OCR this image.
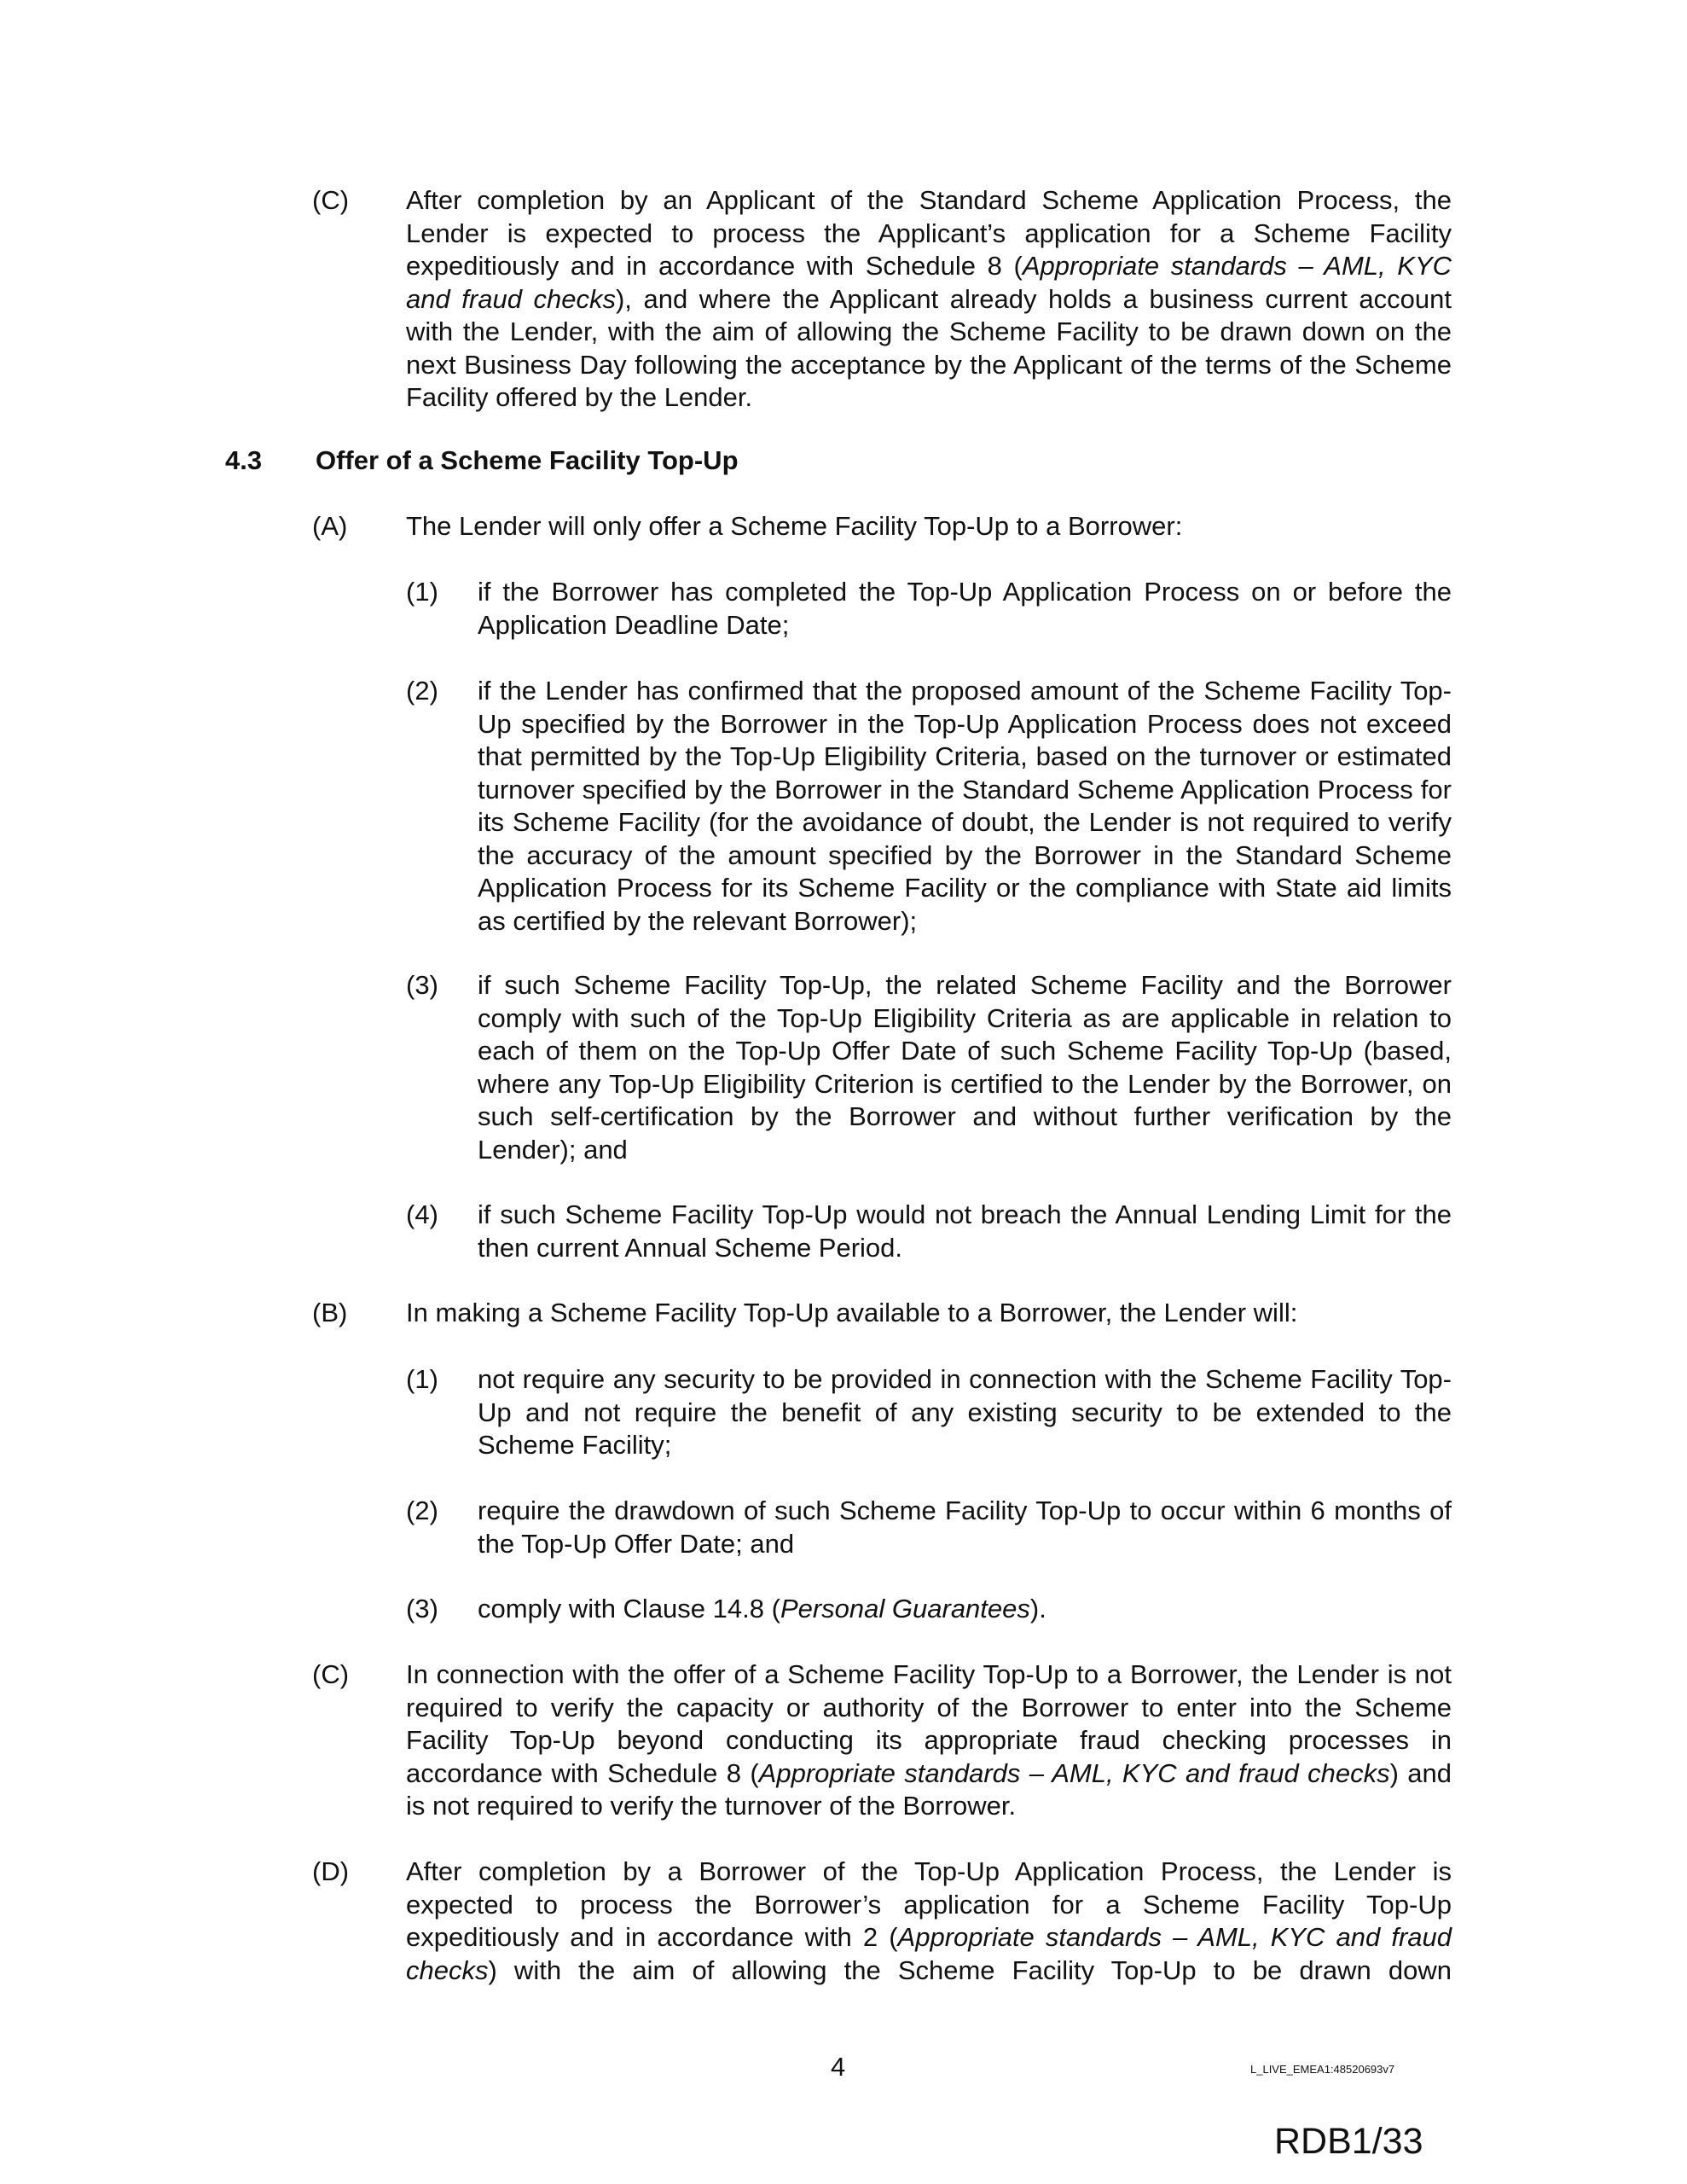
(C) After completion by an Applicant of the Standard Scheme Application Process, the Lender is expected to process the Applicant’s application for a Scheme Facility expeditiously and in accordance with Schedule 8 (Appropriate standards – AML, KYC and fraud checks), and where the Applicant already holds a business current account with the Lender, with the aim of allowing the Scheme Facility to be drawn down on the next Business Day following the acceptance by the Applicant of the terms of the Scheme Facility offered by the Lender.
4.3 Offer of a Scheme Facility Top-Up
(A) The Lender will only offer a Scheme Facility Top-Up to a Borrower:
(1) if the Borrower has completed the Top-Up Application Process on or before the Application Deadline Date;
(2) if the Lender has confirmed that the proposed amount of the Scheme Facility Top-Up specified by the Borrower in the Top-Up Application Process does not exceed that permitted by the Top-Up Eligibility Criteria, based on the turnover or estimated turnover specified by the Borrower in the Standard Scheme Application Process for its Scheme Facility (for the avoidance of doubt, the Lender is not required to verify the accuracy of the amount specified by the Borrower in the Standard Scheme Application Process for its Scheme Facility or the compliance with State aid limits as certified by the relevant Borrower);
(3) if such Scheme Facility Top-Up, the related Scheme Facility and the Borrower comply with such of the Top-Up Eligibility Criteria as are applicable in relation to each of them on the Top-Up Offer Date of such Scheme Facility Top-Up (based, where any Top-Up Eligibility Criterion is certified to the Lender by the Borrower, on such self-certification by the Borrower and without further verification by the Lender); and
(4) if such Scheme Facility Top-Up would not breach the Annual Lending Limit for the then current Annual Scheme Period.
(B) In making a Scheme Facility Top-Up available to a Borrower, the Lender will:
(1) not require any security to be provided in connection with the Scheme Facility Top-Up and not require the benefit of any existing security to be extended to the Scheme Facility;
(2) require the drawdown of such Scheme Facility Top-Up to occur within 6 months of the Top-Up Offer Date; and
(3) comply with Clause 14.8 (Personal Guarantees).
(C) In connection with the offer of a Scheme Facility Top-Up to a Borrower, the Lender is not required to verify the capacity or authority of the Borrower to enter into the Scheme Facility Top-Up beyond conducting its appropriate fraud checking processes in accordance with Schedule 8 (Appropriate standards – AML, KYC and fraud checks) and is not required to verify the turnover of the Borrower.
(D) After completion by a Borrower of the Top-Up Application Process, the Lender is expected to process the Borrower’s application for a Scheme Facility Top-Up expeditiously and in accordance with 2 (Appropriate standards – AML, KYC and fraud checks) with the aim of allowing the Scheme Facility Top-Up to be drawn down
4	L_LIVE_EMEA1:48520693v7
RDB1/33
